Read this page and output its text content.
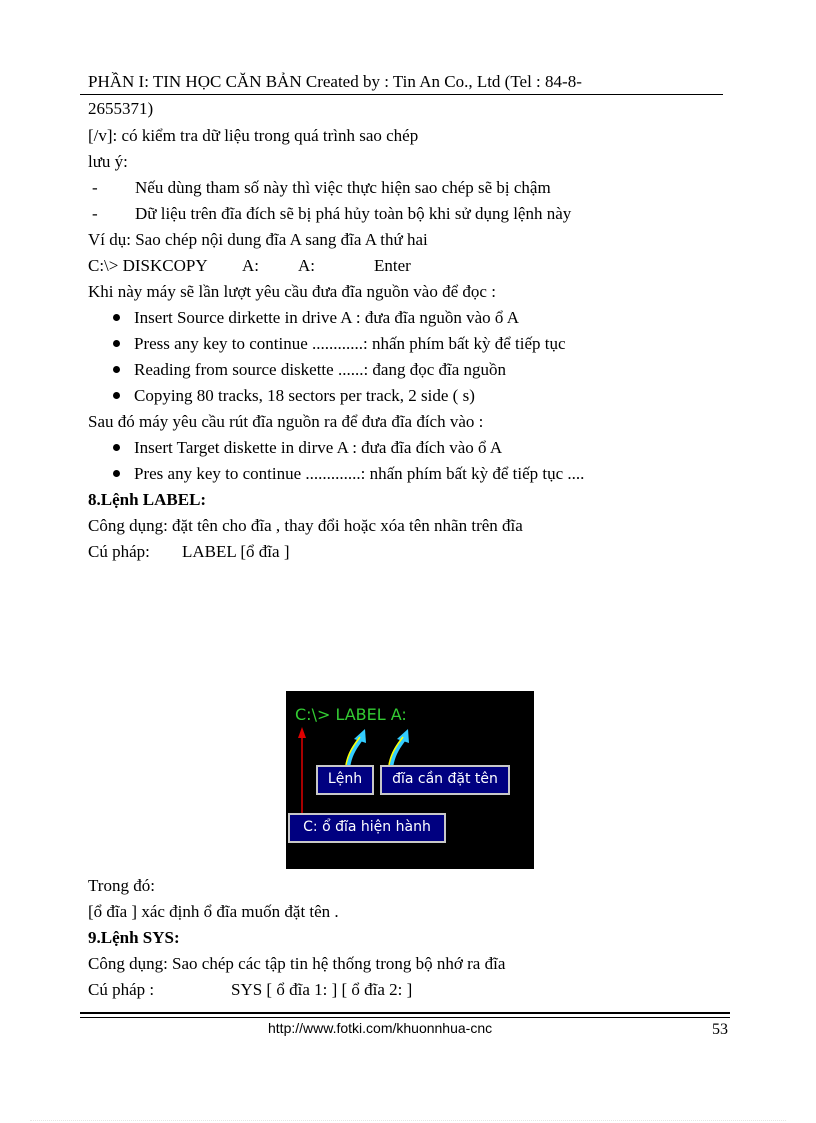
PHẦN I: TIN HỌC CĂN BẢN Created by : Tin An Co., Ltd (Tel : 84-8-
2655371)
[/v]: có kiểm tra dữ liệu trong quá trình sao chép
lưu ý:
- Nếu dùng tham số này thì việc thực hiện sao chép sẽ bị chậm
- Dữ liệu trên đĩa đích sẽ bị phá hủy toàn bộ khi sử dụng lệnh này
Ví dụ: Sao chép nội dung đĩa A sang đĩa A thứ hai
C:\> DISKCOPY A: A:	Enter
Khi này máy sẽ lần lượt yêu cầu đưa đĩa nguồn vào để đọc :
Insert Source dirkette in drive A : đưa đĩa nguồn vào ổ A
Press any key to continue ............: nhấn phím bất kỳ để tiếp tục
Reading from source diskette ......: đang đọc đĩa nguồn
Copying 80 tracks, 18 sectors per track, 2 side ( s)
Sau đó máy yêu cầu rút đĩa nguồn ra để đưa đĩa đích vào :
Insert Target diskette in dirve A : đưa đĩa đích vào ổ A
Pres any key to continue .............: nhấn phím bất kỳ để tiếp tục ....
8.Lệnh LABEL:
Công dụng: đặt tên cho đĩa , thay đổi hoặc xóa tên nhãn trên đĩa
Cú pháp: LABEL [ổ đĩa ]
C:\> LABEL A:
Lệnh	đĩa cần đặt tên
C: ổ đĩa hiện hành
Trong đó:
[ổ đĩa ] xác định ổ đĩa muốn đặt tên .
9.Lệnh SYS:
Công dụng: Sao chép các tập tin hệ thống trong bộ nhớ ra đĩa
Cú pháp :	SYS [ ổ đĩa 1: ] [ ổ đĩa 2: ]
http://www.fotki.com/khuonnhua-cnc	53
